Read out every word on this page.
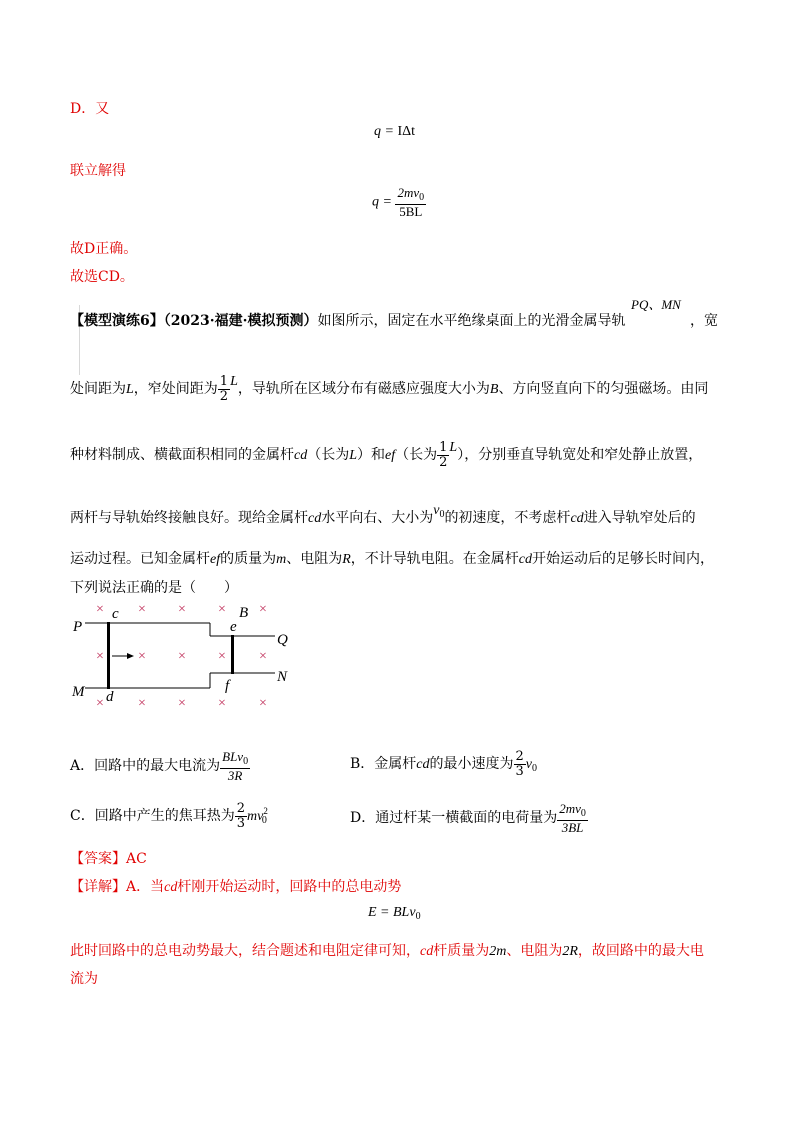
D．又
q = IΔt
联立解得
$q = \frac{2mv_0}{5BL}$
故D正确。
故选CD。
【模型演练6】（2023·福建·模拟预测）如图所示，固定在水平绝缘桌面上的光滑金属导轨
PQ、MN
，宽
处间距为L，窄处间距为 $\frac{1}{2}$ L，导轨所在区域分布有磁感应强度大小为B、方向竖直向下的匀强磁场。由同
种材料制成、横截面积相同的金属杆cd（长为L）和ef（长为 $\frac{1}{2} L$），分别垂直导轨宽处和窄处静止放置，
两杆与导轨始终接触良好。现给金属杆cd水平向右、大小为$v_0$的初速度，不考虑杆cd进入导轨窄处后的
运动过程。已知金属杆ef的质量为m、电阻为R，不计导轨电阻。在金属杆cd开始运动后的足够长时间内，
下列说法正确的是（　　）
× × × × ×
× × × × ×
× × × × ×
P
M
c
d
e
f
Q
N
B
A．回路中的最大电流为 $\frac{BLv_0}{3R}$	B．金属杆cd的最小速度为 $\frac{2}{3} v_0$
C．回路中产生的焦耳热为 $\frac{2}{3} mv^2_0$	D．通过杆某一横截面的电荷量为 $\frac{2mv_0}{3BL}$
【答案】AC
【详解】A．当cd杆刚开始运动时，回路中的总电动势
E = BLv$_0$
此时回路中的总电动势最大，结合题述和电阻定律可知，cd杆质量为2m、电阻为2R，故回路中的最大电
流为
